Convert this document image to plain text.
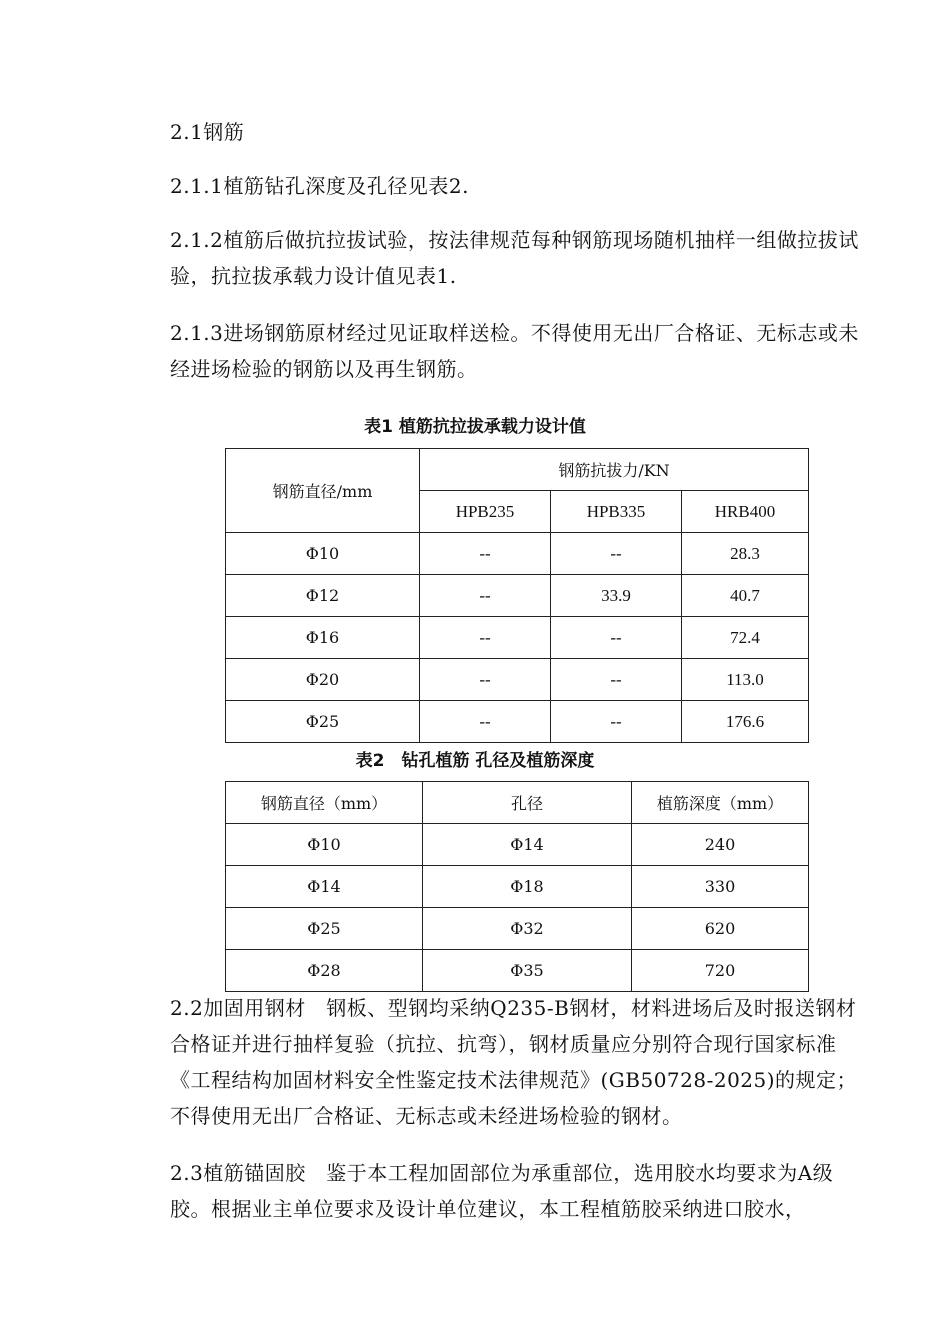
2.1钢筋

2.1.1植筋钻孔深度及孔径见表2.

2.1.2植筋后做抗拉拔试验，按法律规范每种钢筋现场随机抽样一组做拉拔试验，抗拉拔承载力设计值见表1.

2.1.3进场钢筋原材经过见证取样送检。不得使用无出厂合格证、无标志或未经进场检验的钢筋以及再生钢筋。

表1 植筋抗拉拔承载力设计值
钢筋直径/mm	钢筋抗拔力/KN		
	HPB235	HPB335	HRB400
Φ10	--	--	28.3
Φ12	--	33.9	40.7
Φ16	--	--	72.4
Φ20	--	--	113.0
Φ25	--	--	176.6
表2　钻孔植筋 孔径及植筋深度
钢筋直径（mm）	孔径	植筋深度（mm）
Φ10	Φ14	240
Φ14	Φ18	330
Φ25	Φ32	620
Φ28	Φ35	720

2.2加固用钢材　钢板、型钢均采纳Q235-B钢材，材料进场后及时报送钢材合格证并进行抽样复验（抗拉、抗弯），钢材质量应分别符合现行国家标准《工程结构加固材料安全性鉴定技术法律规范》(GB50728-2025)的规定；不得使用无出厂合格证、无标志或未经进场检验的钢材。

2.3植筋锚固胶　鉴于本工程加固部位为承重部位，选用胶水均要求为A级胶。根据业主单位要求及设计单位建议，本工程植筋胶采纳进口胶水，
